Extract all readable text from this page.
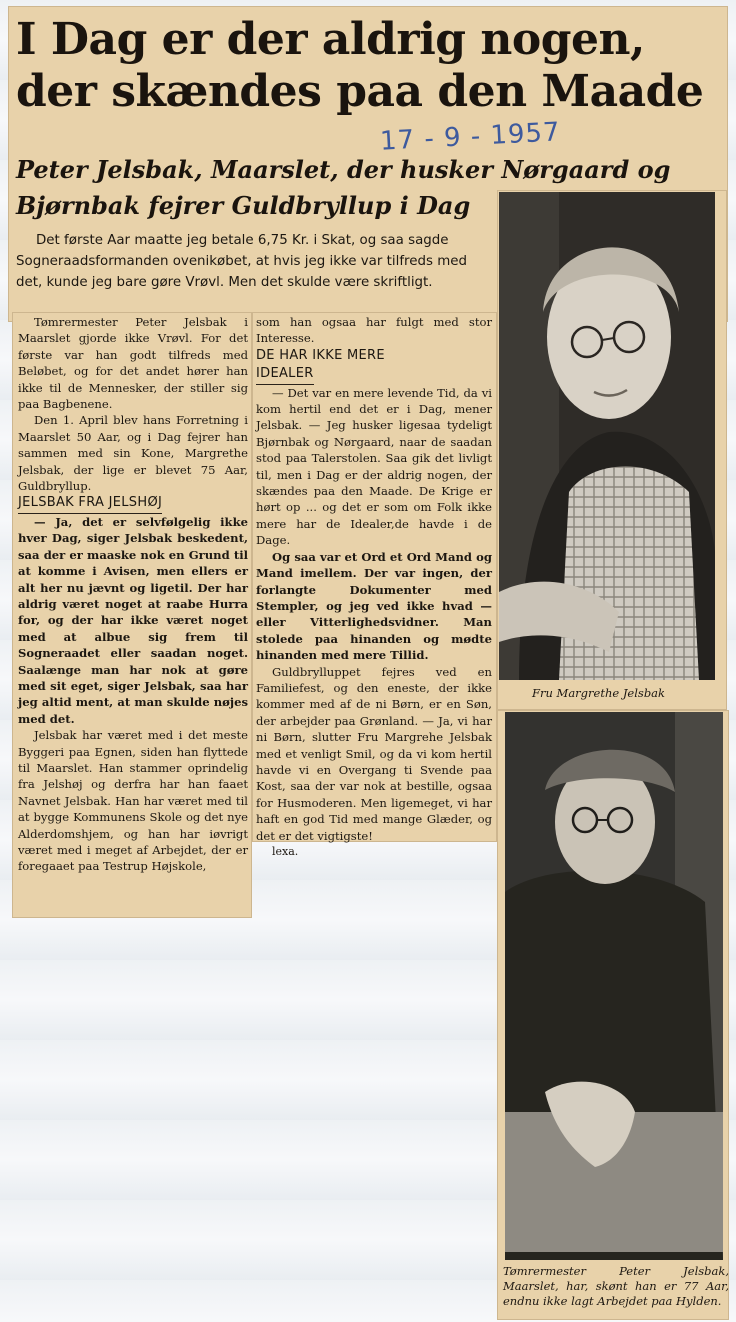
I Dag er der aldrig nogen, der skændes paa den Maade
17 - 9 - 1957
Peter Jelsbak, Maarslet, der husker Nørgaard og
Bjørnbak fejrer Guldbryllup i Dag

Det første Aar maatte jeg betale 6,75 Kr. i Skat, og saa sagde Sogneraadsformanden ovenikøbet, at hvis jeg ikke var tilfreds med det, kunde jeg bare gøre Vrøvl. Men det skulde være skriftligt.

Tømrermester Peter Jelsbak i Maarslet gjorde ikke Vrøvl. For det første var han godt tilfreds med Beløbet, og for det andet hører han ikke til de Mennesker, der stiller sig paa Bagbenene.

Den 1. April blev hans Forretning i Maarslet 50 Aar, og i Dag fejrer han sammen med sin Kone, Margrethe Jelsbak, der lige er blevet 75 Aar, Guldbryllup.

JELSBAK FRA JELSHØJ

— Ja, det er selvfølgelig ikke hver Dag, siger Jelsbak beskedent, saa der er maaske nok en Grund til at komme i Avisen, men ellers er alt her nu jævnt og ligetil. Der har aldrig været noget at raabe Hurra for, og der har ikke været noget med at albue sig frem til Sogneraadet eller saadan noget. Saalænge man har nok at gøre med sit eget, siger Jelsbak, saa har jeg altid ment, at man skulde nøjes med det.

Jelsbak har været med i det meste Byggeri paa Egnen, siden han flyttede til Maarslet. Han stammer oprindelig fra Jelshøj og derfra har han faaet Navnet Jelsbak. Han har været med til at bygge Kommunens Skole og det nye Alderdomshjem, og han har iøvrigt været med i meget af Arbejdet, der er foregaaet paa Testrup Højskole,

som han ogsaa har fulgt med stor Interesse.

DE HAR IKKE MERE

IDEALER

— Det var en mere levende Tid, da vi kom hertil end det er i Dag, mener Jelsbak. — Jeg husker ligesaa tydeligt Bjørnbak og Nørgaard, naar de saadan stod paa Talerstolen. Saa gik det livligt til, men i Dag er der aldrig nogen, der skændes paa den Maade. De Krige er hørt op ... og det er som om Folk ikke mere har de Idealer,de havde i de Dage.

Og saa var et Ord et Ord Mand og Mand imellem. Der var ingen, der forlangte Dokumenter med Stempler, og jeg ved ikke hvad — eller Vitterlighedsvidner. Man stolede paa hinanden og mødte hinanden med mere Tillid.

Guldbrylluppet fejres ved en Familiefest, og den eneste, der ikke kommer med af de ni Børn, er en Søn, der arbejder paa Grønland. — Ja, vi har ni Børn, slutter Fru Margrehe Jelsbak med et venligt Smil, og da vi kom hertil havde vi en Overgang ti Svende paa Kost, saa der var nok at bestille, ogsaa for Husmoderen. Men ligemeget, vi har haft en god Tid med mange Glæder, og det er det vigtigste!

lexa.

Fru Margrethe Jelsbak
Tømrermester Peter Jelsbak, Maarslet, har, skønt han er 77 Aar, endnu ikke lagt Arbejdet paa Hylden.
